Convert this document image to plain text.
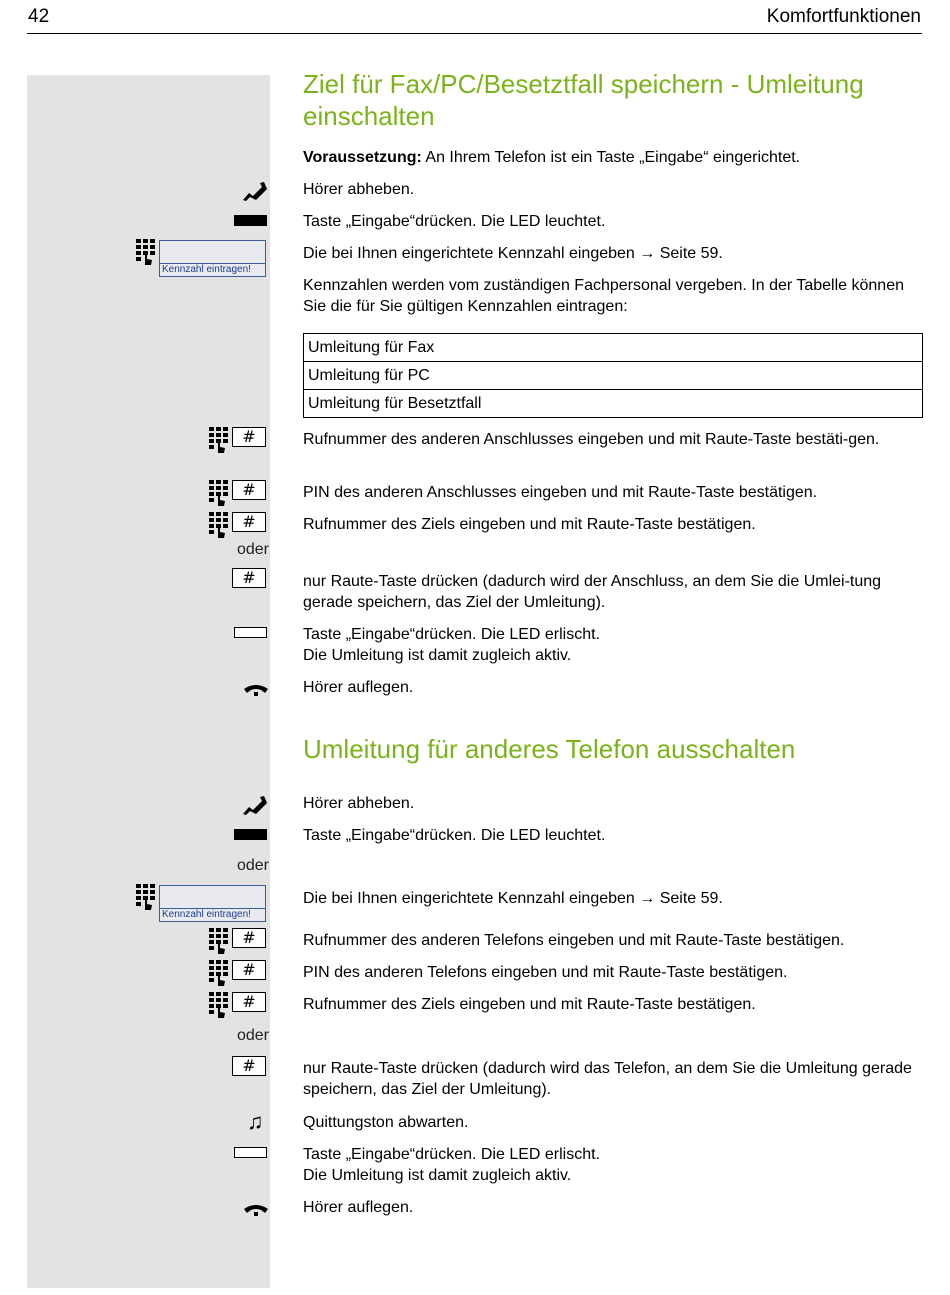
42	Komfortfunktionen
Ziel für Fax/PC/Besetztfall speichern - Umleitung einschalten
Voraussetzung: An Ihrem Telefon ist ein Taste „Eingabe“ eingerichtet.
Hörer abheben.
Taste „Eingabe“drücken. Die LED leuchtet.
Kennzahl eintragen!
Die bei Ihnen eingerichtete Kennzahl eingeben → Seite 59.
Kennzahlen werden vom zuständigen Fachpersonal vergeben. In der Tabelle können Sie die für Sie gültigen Kennzahlen eintragen:
Umleitung für Fax
Umleitung für PC
Umleitung für Besetztfall
#	Rufnummer des anderen Anschlusses eingeben und mit Raute-Taste bestäti-gen.
#	PIN des anderen Anschlusses eingeben und mit Raute-Taste bestätigen.
#	Rufnummer des Ziels eingeben und mit Raute-Taste bestätigen.
oder
#	nur Raute-Taste drücken (dadurch wird der Anschluss, an dem Sie die Umlei-tung gerade speichern, das Ziel der Umleitung).
Taste „Eingabe“drücken. Die LED erlischt.
Die Umleitung ist damit zugleich aktiv.
Hörer auflegen.
Umleitung für anderes Telefon ausschalten
Hörer abheben.
Taste „Eingabe“drücken. Die LED leuchtet.
oder
Kennzahl eintragen!
Die bei Ihnen eingerichtete Kennzahl eingeben → Seite 59.
#	Rufnummer des anderen Telefons eingeben und mit Raute-Taste bestätigen.
#	PIN des anderen Telefons eingeben und mit Raute-Taste bestätigen.
#	Rufnummer des Ziels eingeben und mit Raute-Taste bestätigen.
oder
#	nur Raute-Taste drücken (dadurch wird das Telefon, an dem Sie die Umleitung gerade speichern, das Ziel der Umleitung).
♫ Quittungston abwarten.
Taste „Eingabe“drücken. Die LED erlischt.
Die Umleitung ist damit zugleich aktiv.
Hörer auflegen.
